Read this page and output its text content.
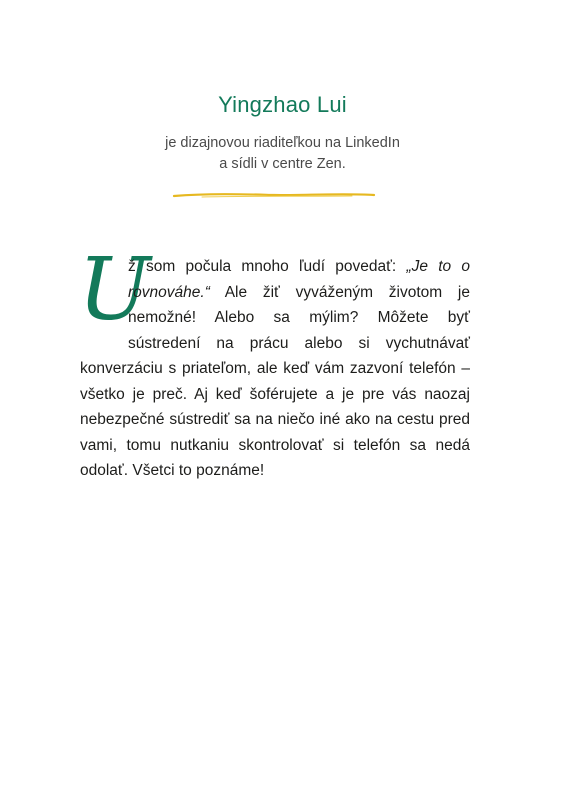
Yingzhao Lui
je dizajnovou riaditeľkou na LinkedIn
a sídli v centre Zen.
U
ž som počula mnoho ľudí povedať: „Je to o rovnováhe.“ Ale žiť vyváženým životom je nemožné! Alebo sa mýlim? Môžete byť sústredení na prácu alebo si vychutnávať konverzáciu s priateľom, ale keď vám zazvoní telefón – všetko je preč. Aj keď šoférujete a je pre vás naozaj nebezpečné sústrediť sa na niečo iné ako na cestu pred vami, tomu nutkaniu skontrolovať si telefón sa nedá odolať. Všetci to poznáme!
